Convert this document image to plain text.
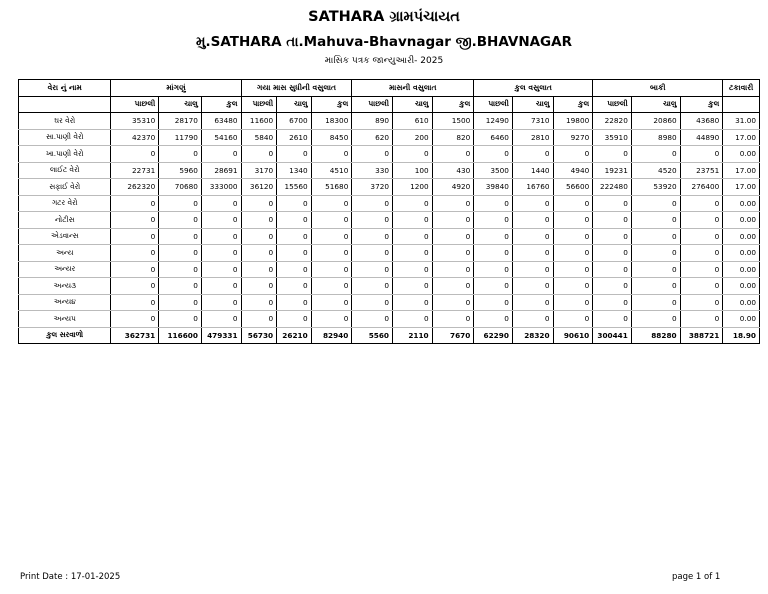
SATHARA ગ્રામપંચાયત
મુ.SATHARA તા.Mahuva-Bhavnagar જી.BHAVNAGAR
માસિક પત્રક જાન્યુઆરી- 2025
વેરા નું નામ	માંગણું			ગયા માસ સુધીની વસુલાત			માસની વસુલાત			કુલ વસુલાત			બાકી			ટકાવારી
	પાછલી	ચાલુ	કુલ	પાછલી	ચાલુ	કુલ	પાછલી	ચાલુ	કુલ	પાછલી	ચાલુ	કુલ	પાછલી	ચાલુ	કુલ	
ઘર વેરો	35310	28170	63480	11600	6700	18300	890	610	1500	12490	7310	19800	22820	20860	43680	31.00
સા.પાણી વેરો	42370	11790	54160	5840	2610	8450	620	200	820	6460	2810	9270	35910	8980	44890	17.00
ખા.પાણી વેરો	0	0	0	0	0	0	0	0	0	0	0	0	0	0	0	0.00
લાઈટ વેરો	22731	5960	28691	3170	1340	4510	330	100	430	3500	1440	4940	19231	4520	23751	17.00
સફાઈ વેરો	262320	70680	333000	36120	15560	51680	3720	1200	4920	39840	16760	56600	222480	53920	276400	17.00
ગટર વેરો	0	0	0	0	0	0	0	0	0	0	0	0	0	0	0	0.00
નોટીસ	0	0	0	0	0	0	0	0	0	0	0	0	0	0	0	0.00
એડવાન્સ	0	0	0	0	0	0	0	0	0	0	0	0	0	0	0	0.00
અન્ય	0	0	0	0	0	0	0	0	0	0	0	0	0	0	0	0.00
અન્યર	0	0	0	0	0	0	0	0	0	0	0	0	0	0	0	0.00
અન્ય૩	0	0	0	0	0	0	0	0	0	0	0	0	0	0	0	0.00
અન્ય૪	0	0	0	0	0	0	0	0	0	0	0	0	0	0	0	0.00
અન્ય૫	0	0	0	0	0	0	0	0	0	0	0	0	0	0	0	0.00
કુલ સરવાળો	362731	116600	479331	56730	26210	82940	5560	2110	7670	62290	28320	90610	300441	88280	388721	18.90
Print Date : 17-01-2025	page 1 of 1
